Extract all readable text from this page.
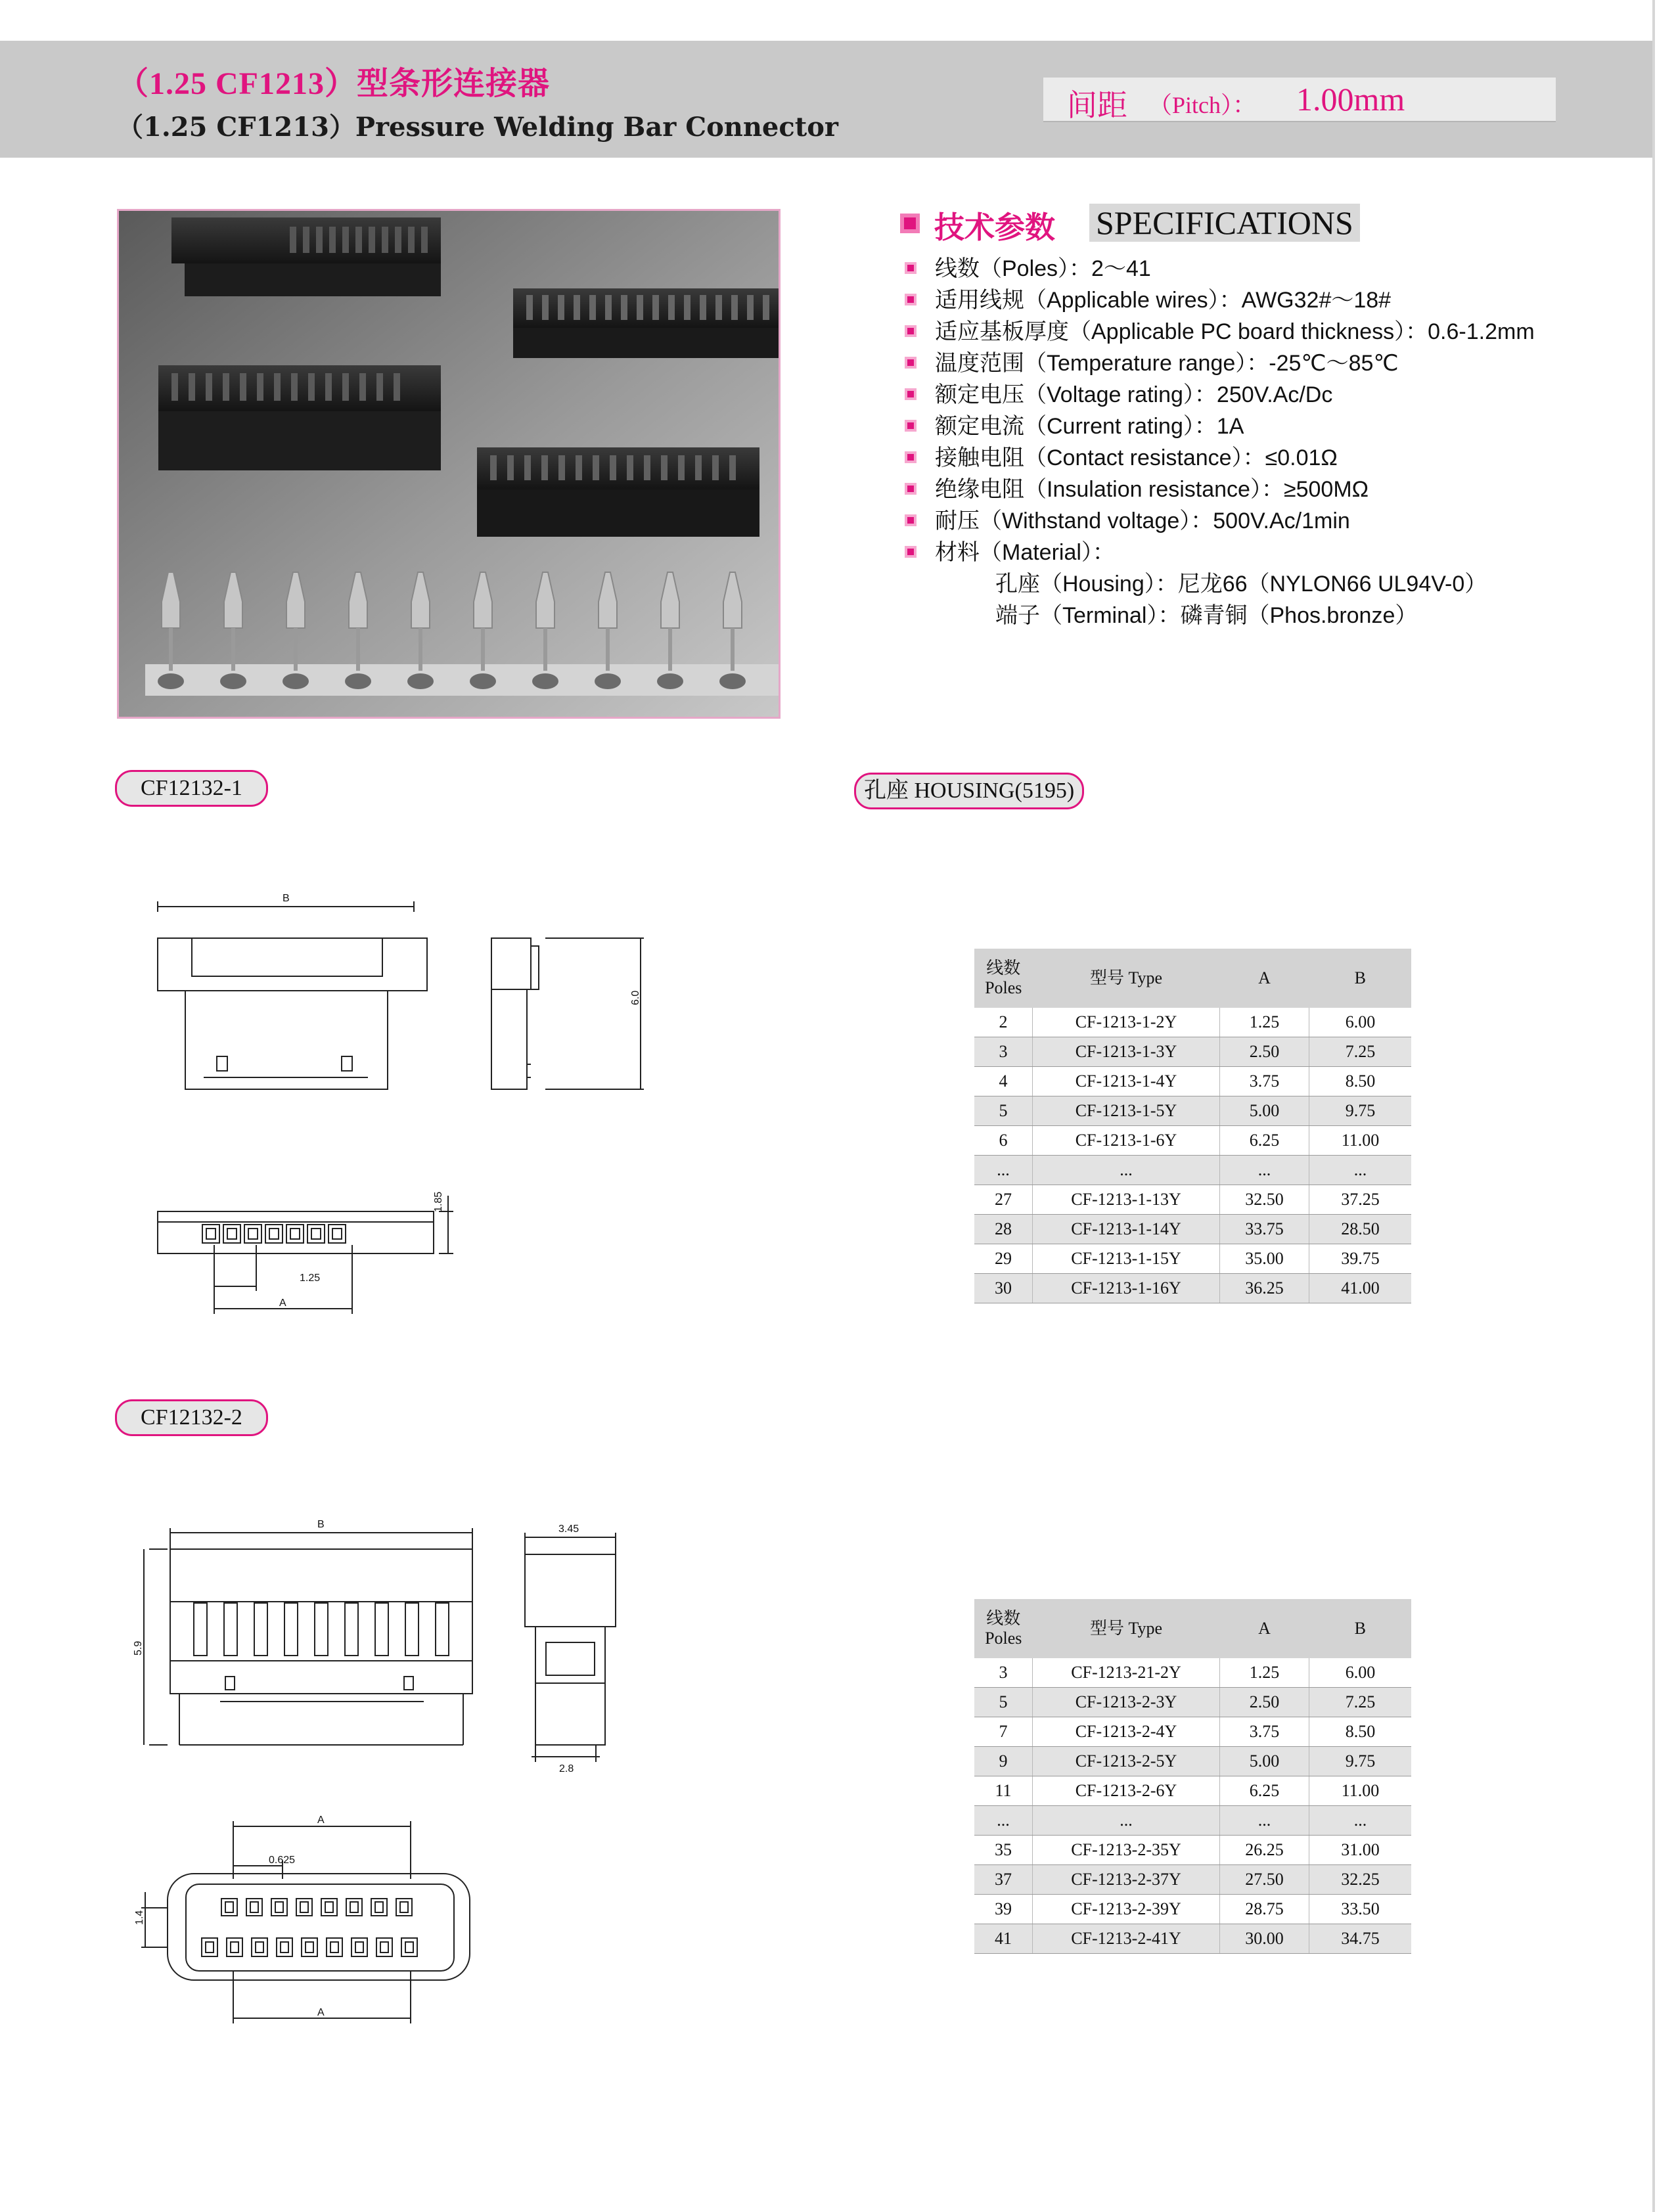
（1.25 CF1213）型条形连接器
（1.25 CF1213）Pressure Welding Bar Connector
间距 （Pitch）： 1.00mm
技术参数 SPECIFICATIONS
线数（Poles）：2～41
适用线规（Applicable wires）：AWG32#～18#
适应基板厚度（Applicable PC board thickness）：0.6-1.2mm
温度范围（Temperature range）：-25℃～85℃
额定电压（Voltage rating）：250V.Ac/Dc
额定电流（Current rating）：1A
接触电阻（Contact resistance）：≤0.01Ω
绝缘电阻（Insulation resistance）：≥500MΩ
耐压（Withstand voltage）：500V.Ac/1min
材料（Material）：
孔座（Housing）：尼龙66（NYLON66 UL94V-0）
端子（Terminal）：磷青铜（Phos.bronze）
CF12132-1	孔座 HOUSING(5195)
CF12132-2
B
6.0
1.85
1.25
A
B
5.9
3.45
2.8
A
0.625
1.4
A
线数
Poles	型号 Type	A	B
2	CF-1213-1-2Y	1.25	6.00
3	CF-1213-1-3Y	2.50	7.25
4	CF-1213-1-4Y	3.75	8.50
5	CF-1213-1-5Y	5.00	9.75
6	CF-1213-1-6Y	6.25	11.00
...	...	...	...
27	CF-1213-1-13Y	32.50	37.25
28	CF-1213-1-14Y	33.75	28.50
29	CF-1213-1-15Y	35.00	39.75
30	CF-1213-1-16Y	36.25	41.00
线数
Poles	型号 Type	A	B
3	CF-1213-21-2Y	1.25	6.00
5	CF-1213-2-3Y	2.50	7.25
7	CF-1213-2-4Y	3.75	8.50
9	CF-1213-2-5Y	5.00	9.75
11	CF-1213-2-6Y	6.25	11.00
...	...	...	...
35	CF-1213-2-35Y	26.25	31.00
37	CF-1213-2-37Y	27.50	32.25
39	CF-1213-2-39Y	28.75	33.50
41	CF-1213-2-41Y	30.00	34.75
